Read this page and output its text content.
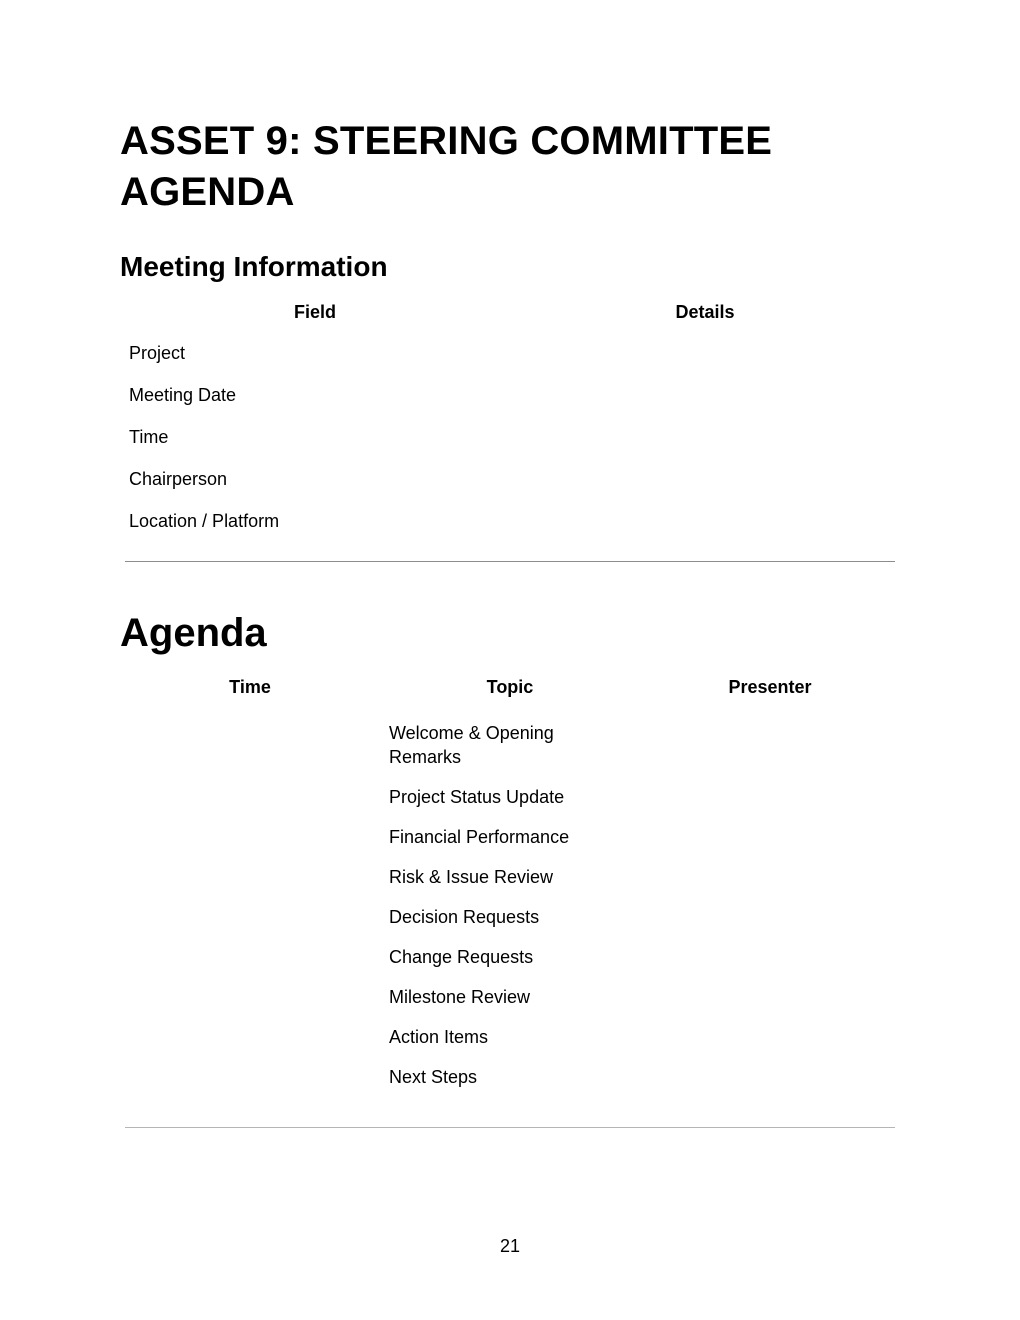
ASSET 9: STEERING COMMITTEE AGENDA
Meeting Information
Field	Details
Project	
Meeting Date	
Time	
Chairperson	
Location / Platform	
Agenda
Time	Topic	Presenter

	Welcome & Opening Remarks	

	Project Status Update	

	Financial Performance	

	Risk & Issue Review	

	Decision Requests	

	Change Requests	

	Milestone Review	

	Action Items	

	Next Steps	

21
